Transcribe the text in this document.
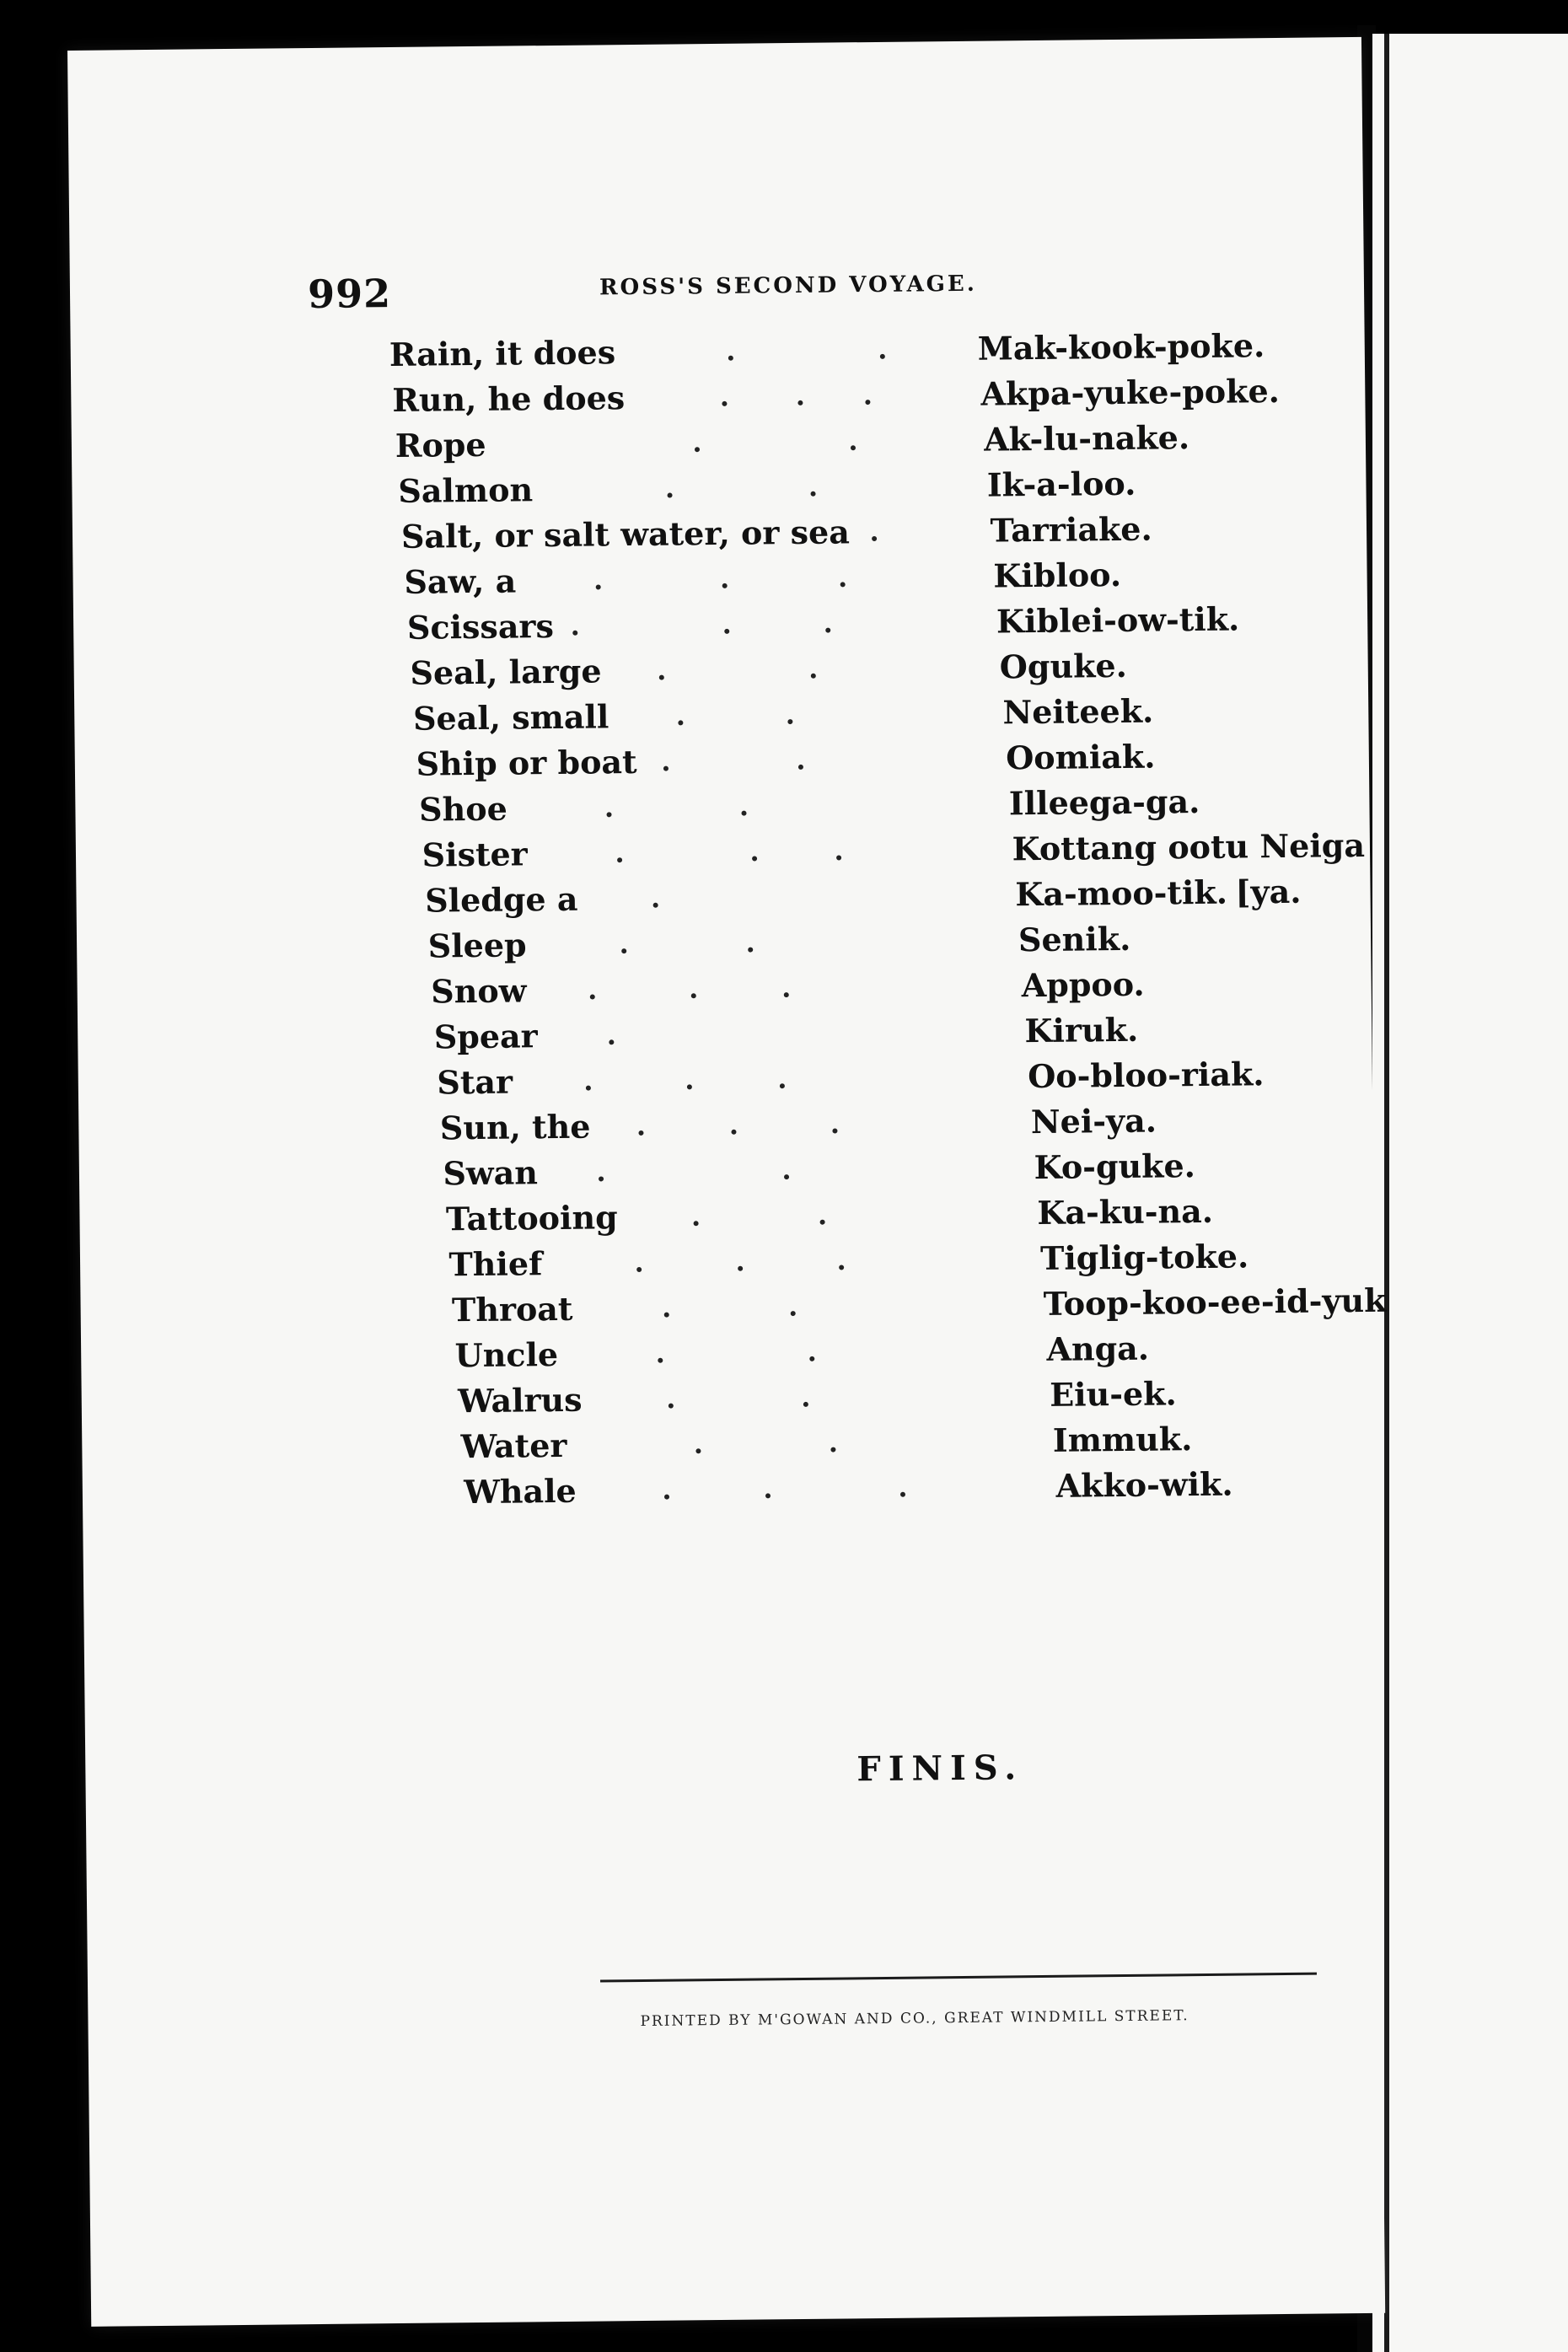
992	ROSS'S SECOND VOYAGE.
Rain, it does	Mak-kook-poke.
Run, he does	Akpa-yuke-poke.
Rope	Ak-lu-nake.
Salmon	Ik-a-loo.
Salt, or salt water, or sea	Tarriake.
Saw, a	Kibloo.
Scissars	Kiblei-ow-tik.
Seal, large	Oguke.
Seal, small	Neiteek.
Ship or boat	Oomiak.
Shoe	Illeega-ga.
Sister	Kottang ootu Neiga
Sledge a	Ka-moo-tik. [ya.
Sleep	Senik.
Snow	Appoo.
Spear	Kiruk.
Star	Oo-bloo-riak.
Sun, the	Nei-ya.
Swan	Ko-guke.
Tattooing	Ka-ku-na.
Thief	Tiglig-toke.
Throat	Toop-koo-ee-id-yuk
Uncle	Anga.
Walrus	Eiu-ek.
Water	Immuk.
Whale	Akko-wik.
FINIS.
PRINTED BY M'GOWAN AND CO., GREAT WINDMILL STREET.
